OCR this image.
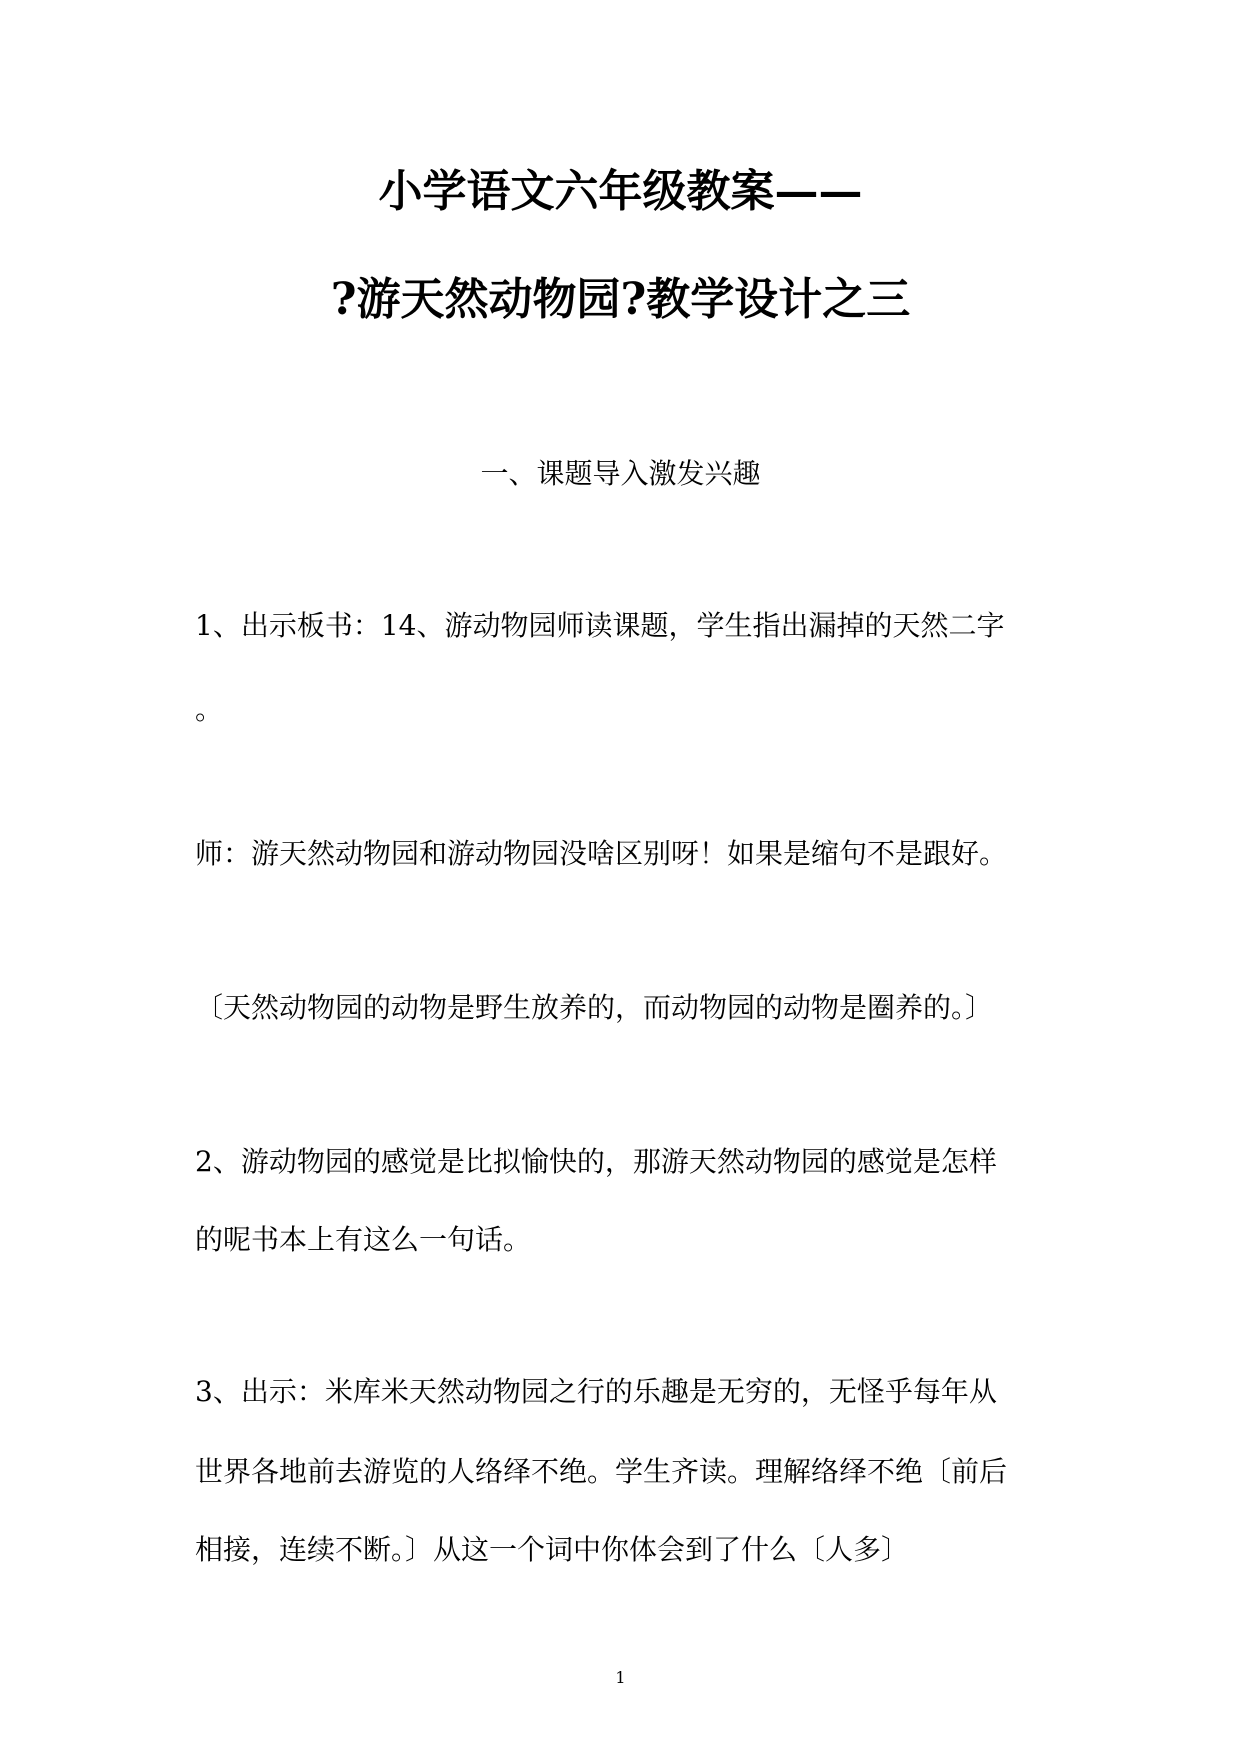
小学语文六年级教案——
?游天然动物园?教学设计之三
一、课题导入激发兴趣
1、出示板书：14、游动物园师读课题，学生指出漏掉的天然二字
。
师：游天然动物园和游动物园没啥区别呀！如果是缩句不是跟好。
〔天然动物园的动物是野生放养的，而动物园的动物是圈养的。〕
2、游动物园的感觉是比拟愉快的，那游天然动物园的感觉是怎样
的呢书本上有这么一句话。
3、出示：米库米天然动物园之行的乐趣是无穷的，无怪乎每年从
世界各地前去游览的人络绎不绝。学生齐读。理解络绎不绝〔前后
相接，连续不断。〕从这一个词中你体会到了什么〔人多〕
1
